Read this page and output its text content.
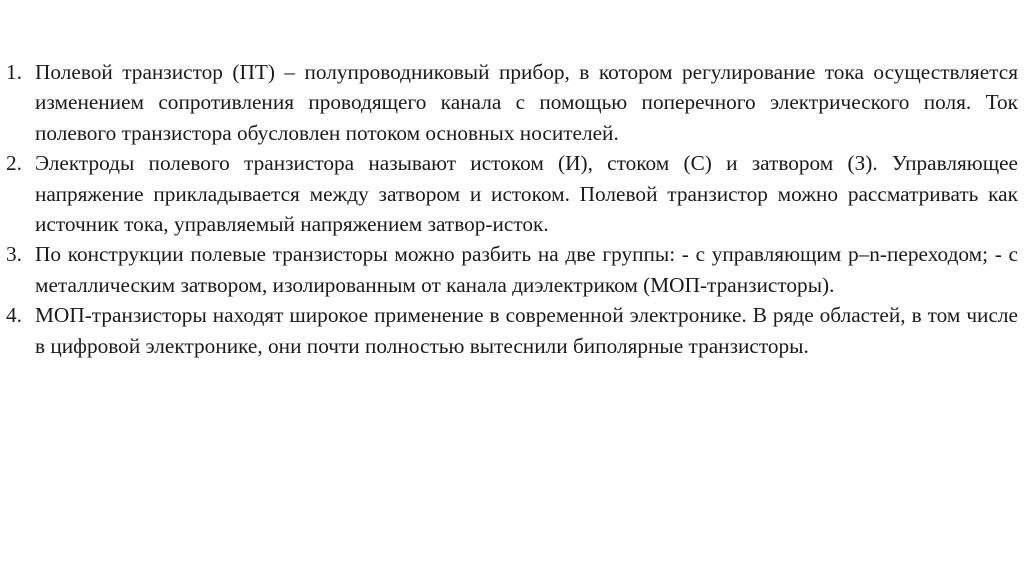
1. Полевой транзистор (ПТ) – полупроводниковый прибор, в котором регулирование тока осуществляется изменением сопротивления проводящего канала с помощью поперечного электрического поля. Ток полевого транзистора обусловлен потоком основных носителей.
2. Электроды полевого транзистора называют истоком (И), стоком (С) и затвором (З). Управляющее напряжение прикладывается между затвором и истоком. Полевой транзистор можно рассматривать как источник тока, управляемый напряжением затвор-исток.
3. По конструкции полевые транзисторы можно разбить на две группы: - с управляющим p–n-переходом; - с металлическим затвором, изолированным от канала диэлектриком (МОП-транзисторы).
4. МОП-транзисторы находят широкое применение в современной электронике. В ряде областей, в том числе в цифровой электронике, они почти полностью вытеснили биполярные транзисторы.
